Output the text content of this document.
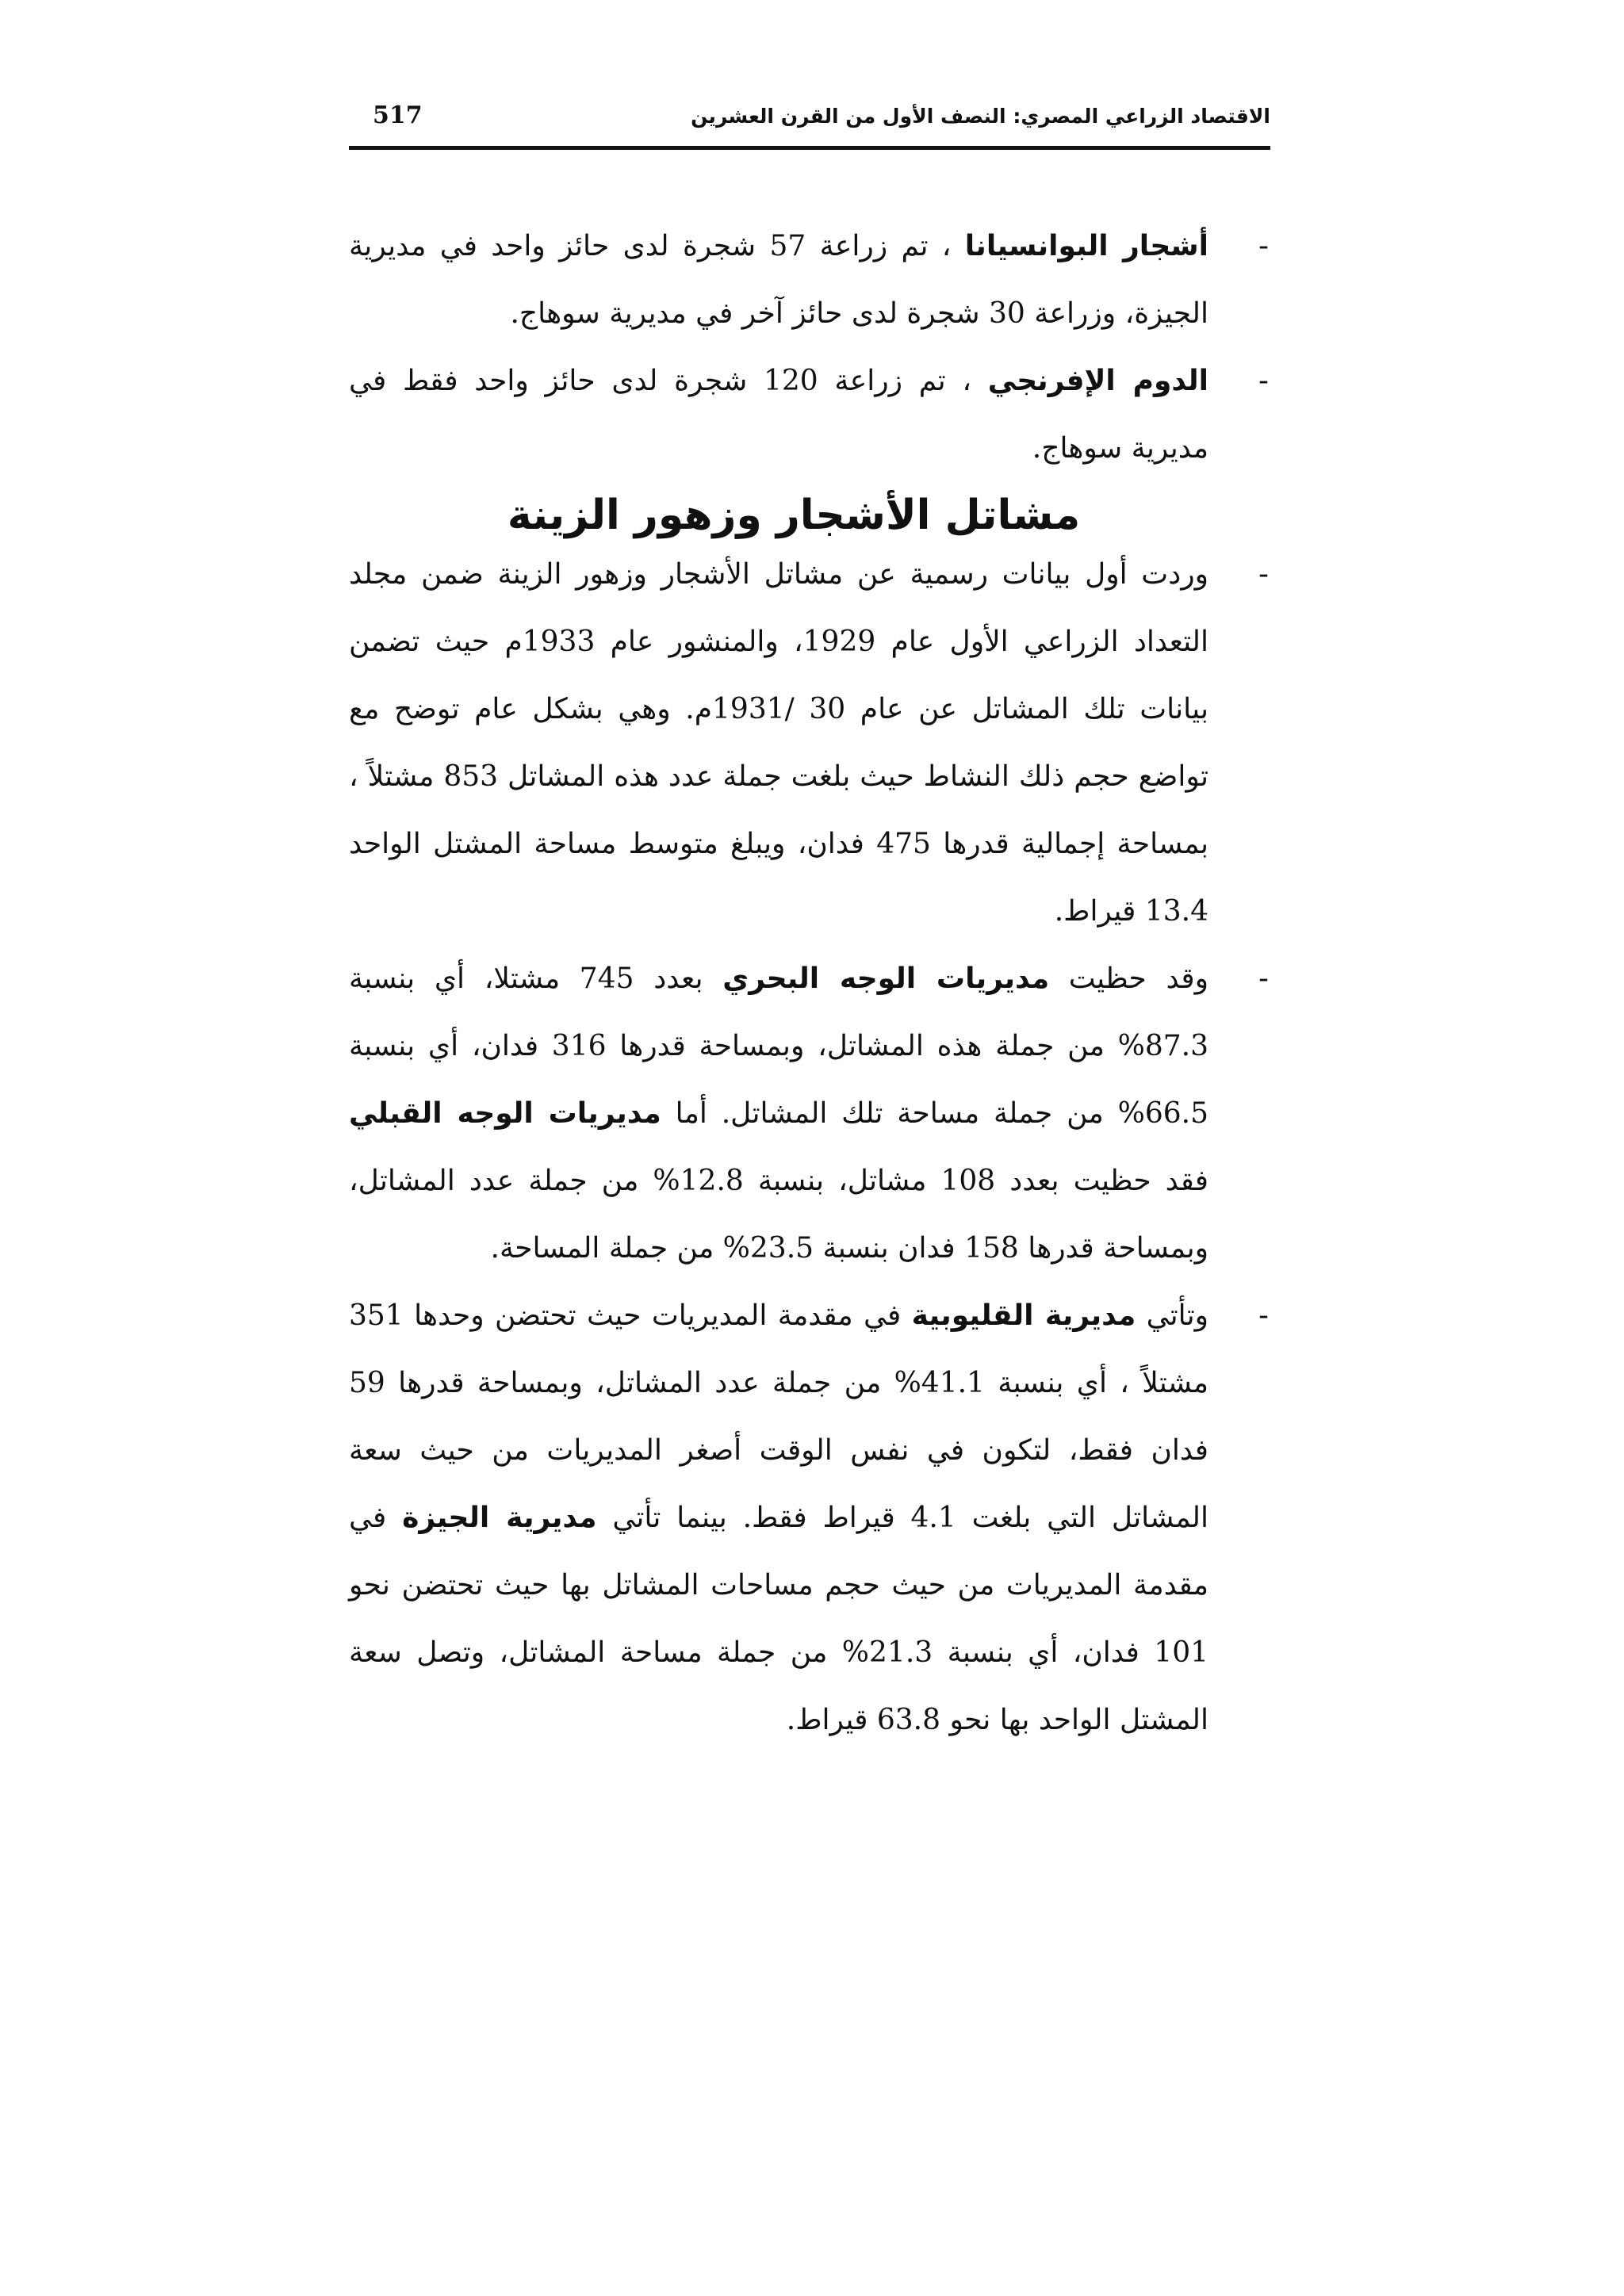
الاقتصاد الزراعي المصري: النصف الأول من القرن العشرين
517
-
أشجار البوانسيانا ، تم زراعة 57 شجرة لدى حائز واحد في مديرية الجيزة، وزراعة 30 شجرة لدى حائز آخر في مديرية سوهاج.
-
الدوم الإفرنجي ، تم زراعة 120 شجرة لدى حائز واحد فقط في مديرية سوهاج.
مشاتل الأشجار وزهور الزينة
-
وردت أول بيانات رسمية عن مشاتل الأشجار وزهور الزينة ضمن مجلد التعداد الزراعي الأول عام 1929، والمنشور عام 1933م حيث تضمن بيانات تلك المشاتل عن عام 30 /1931م. وهي بشكل عام توضح مع تواضع حجم ذلك النشاط حيث بلغت جملة عدد هذه المشاتل 853 مشتلاً ، بمساحة إجمالية قدرها 475 فدان، ويبلغ متوسط مساحة المشتل الواحد 13.4 قيراط.
-
وقد حظيت مديريات الوجه البحري بعدد 745 مشتلا، أي بنسبة 87.3% من جملة هذه المشاتل، وبمساحة قدرها 316 فدان، أي بنسبة 66.5% من جملة مساحة تلك المشاتل. أما مديريات الوجه القبلي فقد حظيت بعدد 108 مشاتل، بنسبة 12.8% من جملة عدد المشاتل، وبمساحة قدرها 158 فدان بنسبة 23.5% من جملة المساحة.
-
وتأتي مديرية القليوبية في مقدمة المديريات حيث تحتضن وحدها 351 مشتلاً ، أي بنسبة 41.1% من جملة عدد المشاتل، وبمساحة قدرها 59 فدان فقط، لتكون في نفس الوقت أصغر المديريات من حيث سعة المشاتل التي بلغت 4.1 قيراط فقط. بينما تأتي مديرية الجيزة في مقدمة المديريات من حيث حجم مساحات المشاتل بها حيث تحتضن نحو 101 فدان، أي بنسبة 21.3% من جملة مساحة المشاتل، وتصل سعة المشتل الواحد بها نحو 63.8 قيراط.
